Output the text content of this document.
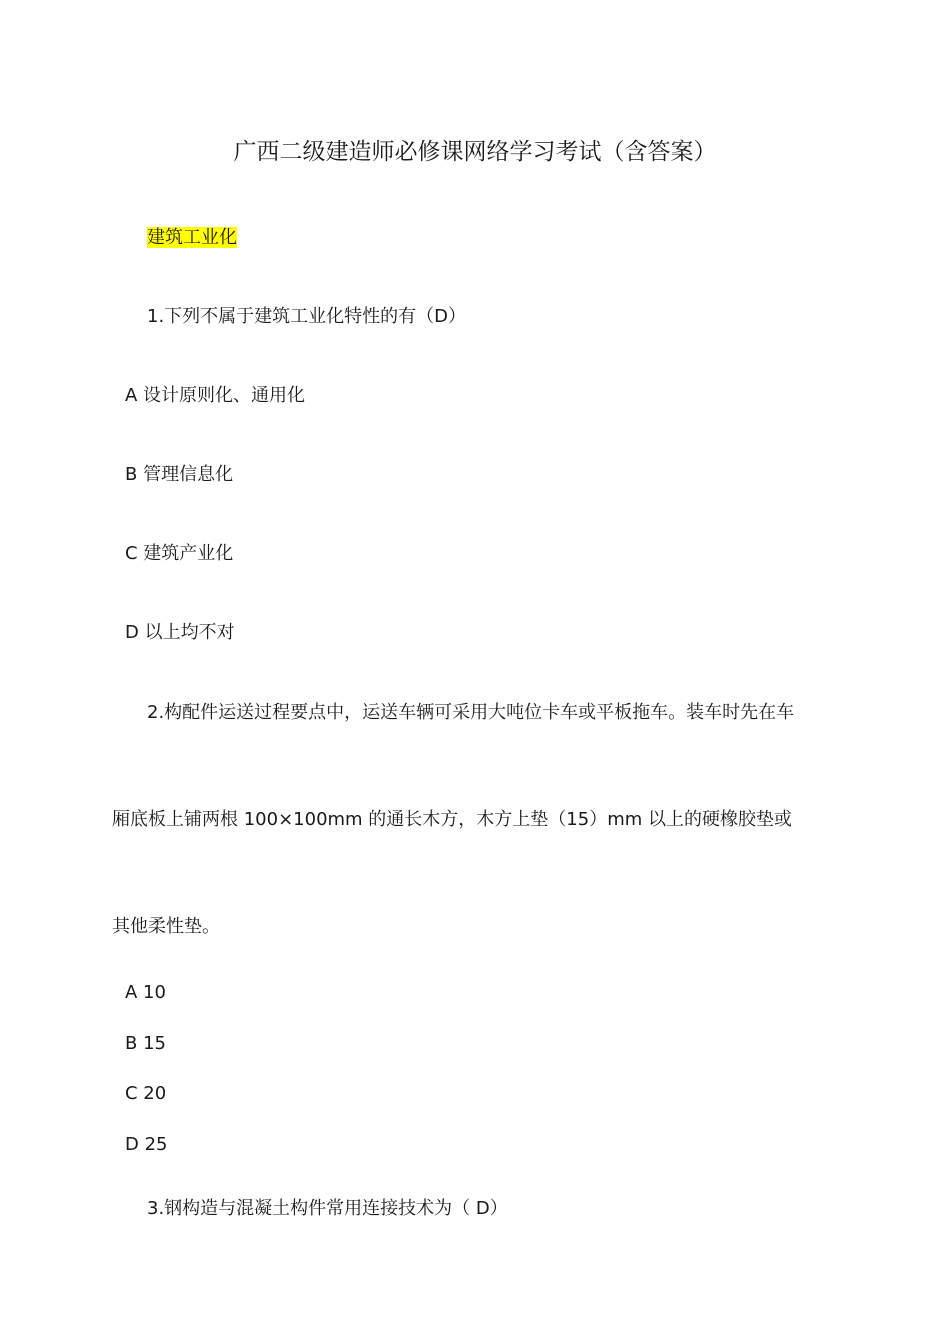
广西二级建造师必修课网络学习考试（含答案）
建筑工业化
1.下列不属于建筑工业化特性的有（D）
A 设计原则化、通用化
B 管理信息化
C 建筑产业化
D 以上均不对
2.构配件运送过程要点中，运送车辆可采用大吨位卡车或平板拖车。装车时先在车
厢底板上铺两根 100×100mm 的通长木方，木方上垫（15）mm 以上的硬橡胶垫或
其他柔性垫。
A 10
B 15
C 20
D 25
3.钢构造与混凝土构件常用连接技术为（ D）
